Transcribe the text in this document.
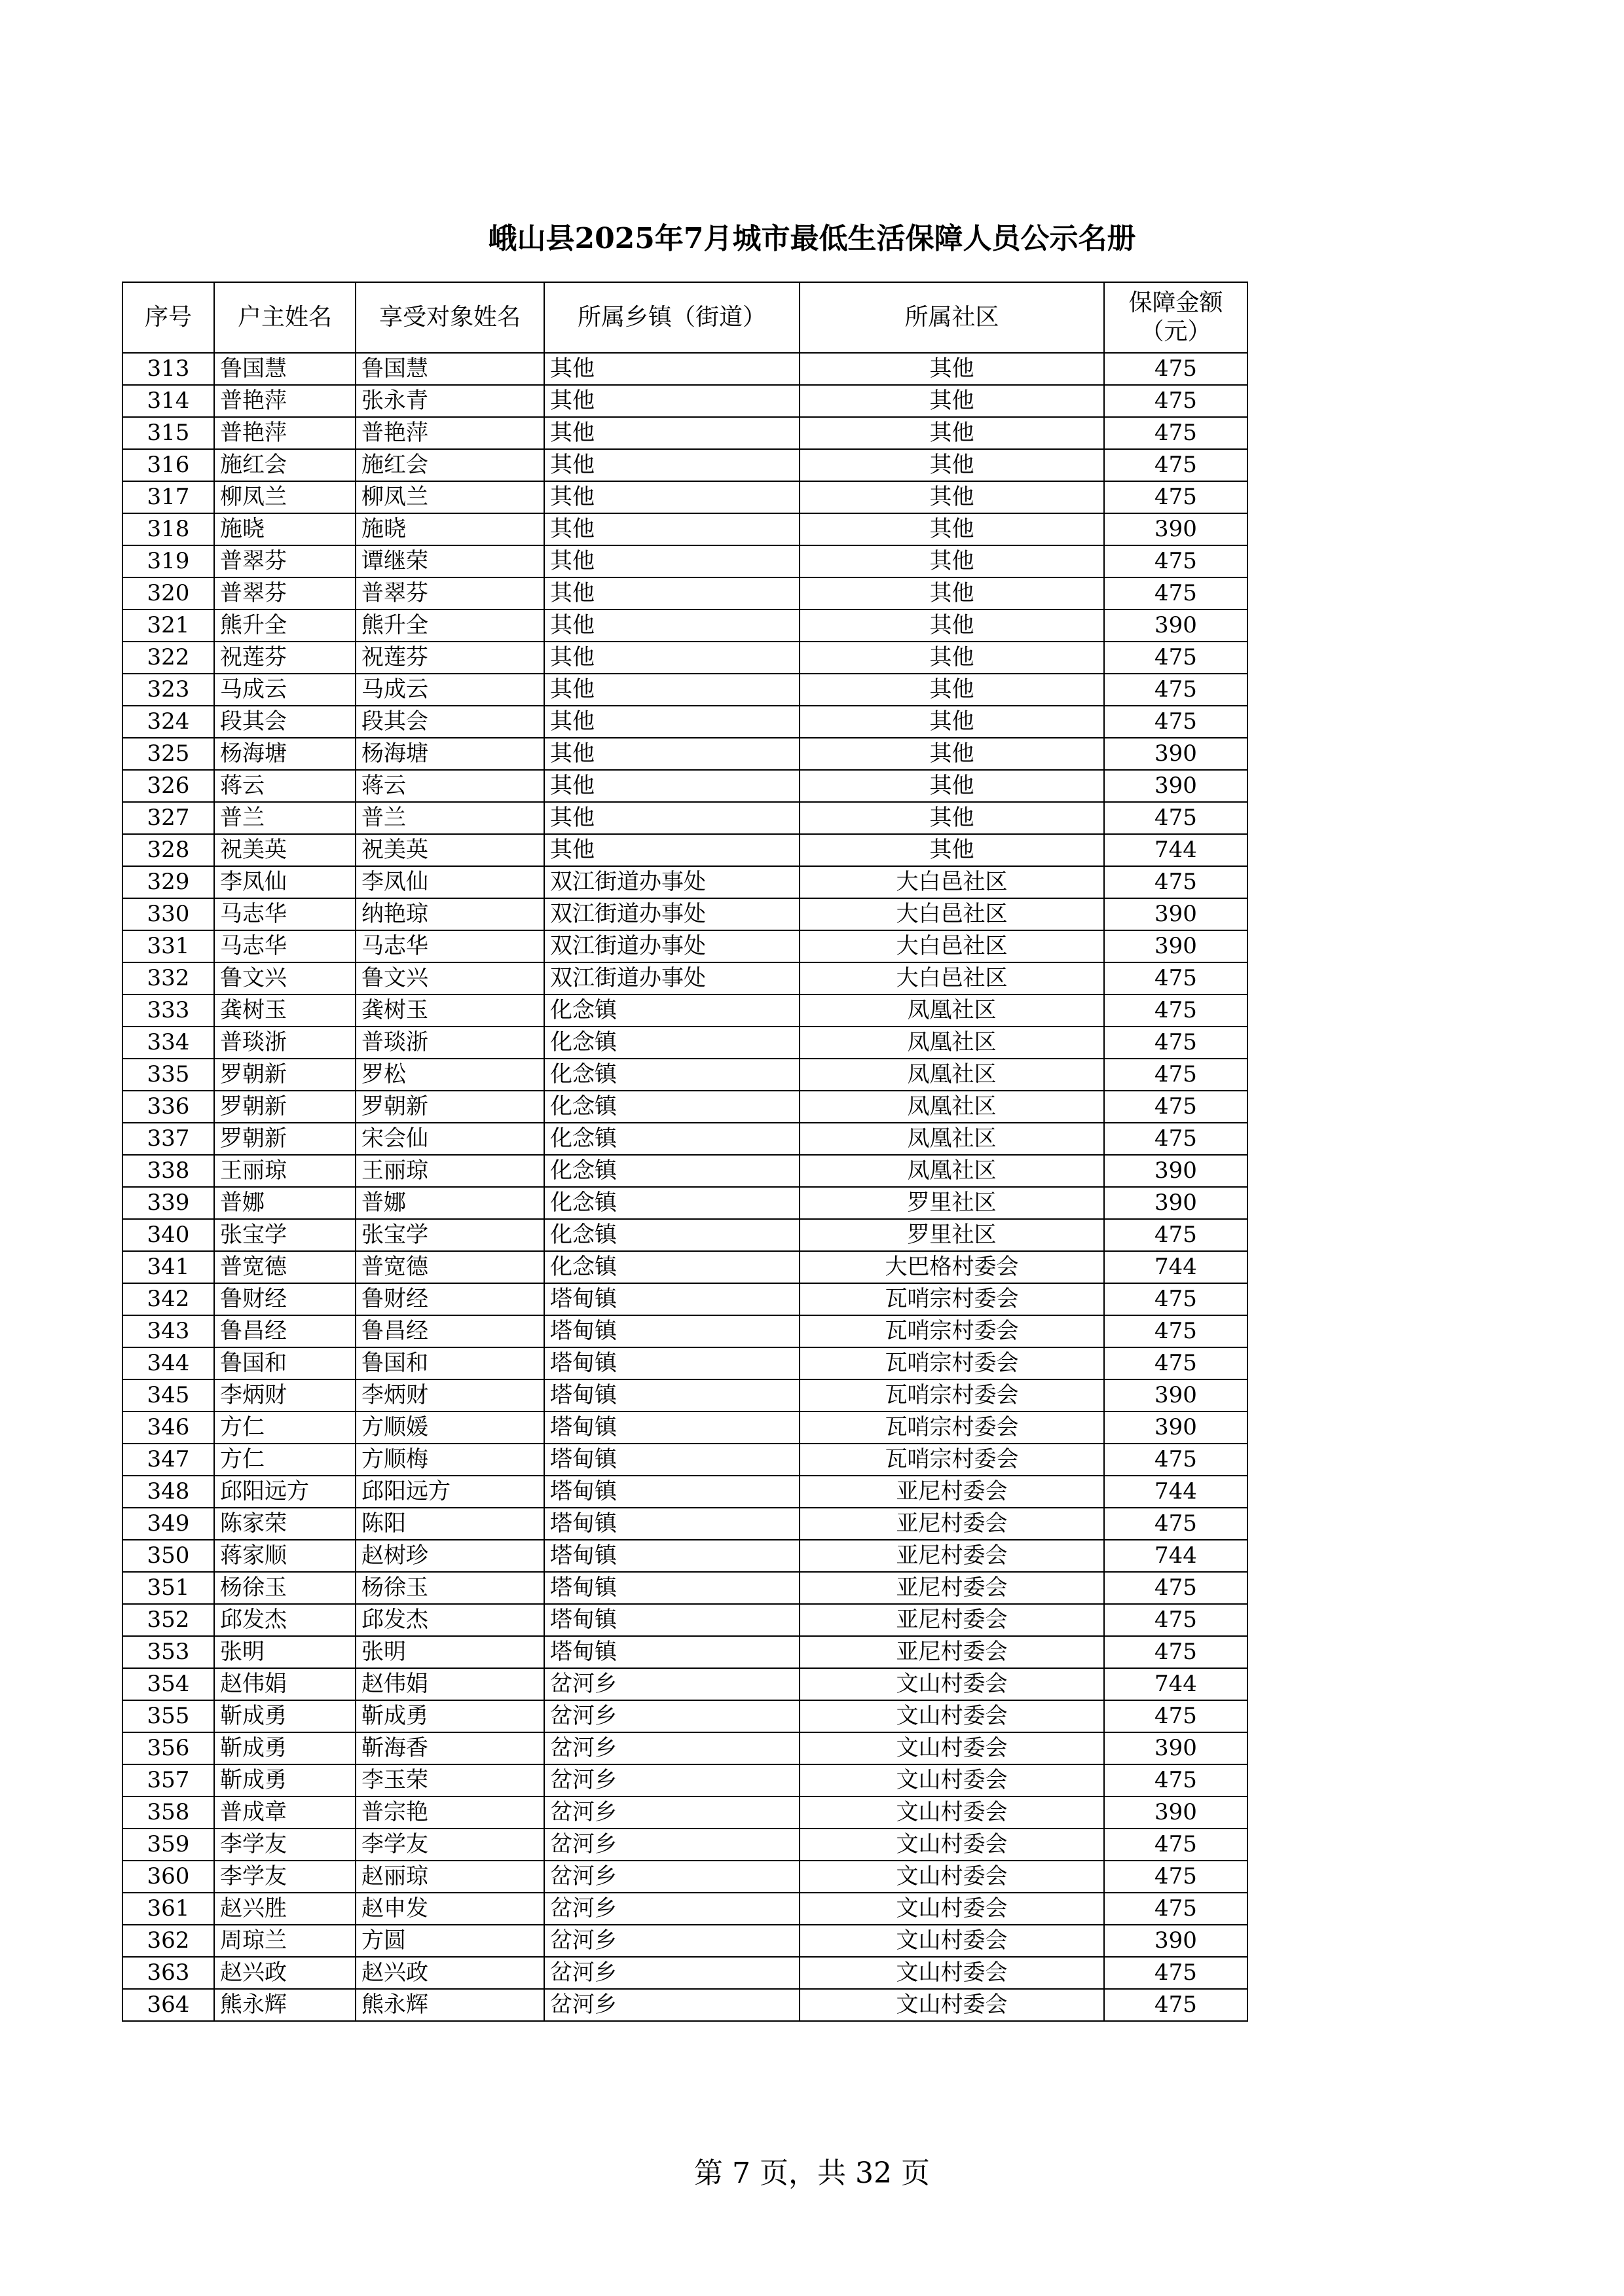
峨山县2025年7月城市最低生活保障人员公示名册
序号	户主姓名	享受对象姓名	所属乡镇（街道）	所属社区	保障金额
（元）
313	鲁国慧	鲁国慧	其他	其他	475
314	普艳萍	张永青	其他	其他	475
315	普艳萍	普艳萍	其他	其他	475
316	施红会	施红会	其他	其他	475
317	柳凤兰	柳凤兰	其他	其他	475
318	施晓	施晓	其他	其他	390
319	普翠芬	谭继荣	其他	其他	475
320	普翠芬	普翠芬	其他	其他	475
321	熊升全	熊升全	其他	其他	390
322	祝莲芬	祝莲芬	其他	其他	475
323	马成云	马成云	其他	其他	475
324	段其会	段其会	其他	其他	475
325	杨海塘	杨海塘	其他	其他	390
326	蒋云	蒋云	其他	其他	390
327	普兰	普兰	其他	其他	475
328	祝美英	祝美英	其他	其他	744
329	李凤仙	李凤仙	双江街道办事处	大白邑社区	475
330	马志华	纳艳琼	双江街道办事处	大白邑社区	390
331	马志华	马志华	双江街道办事处	大白邑社区	390
332	鲁文兴	鲁文兴	双江街道办事处	大白邑社区	475
333	龚树玉	龚树玉	化念镇	凤凰社区	475
334	普琰浙	普琰浙	化念镇	凤凰社区	475
335	罗朝新	罗松	化念镇	凤凰社区	475
336	罗朝新	罗朝新	化念镇	凤凰社区	475
337	罗朝新	宋会仙	化念镇	凤凰社区	475
338	王丽琼	王丽琼	化念镇	凤凰社区	390
339	普娜	普娜	化念镇	罗里社区	390
340	张宝学	张宝学	化念镇	罗里社区	475
341	普宽德	普宽德	化念镇	大巴格村委会	744
342	鲁财经	鲁财经	塔甸镇	瓦哨宗村委会	475
343	鲁昌经	鲁昌经	塔甸镇	瓦哨宗村委会	475
344	鲁国和	鲁国和	塔甸镇	瓦哨宗村委会	475
345	李炳财	李炳财	塔甸镇	瓦哨宗村委会	390
346	方仁	方顺媛	塔甸镇	瓦哨宗村委会	390
347	方仁	方顺梅	塔甸镇	瓦哨宗村委会	475
348	邱阳远方	邱阳远方	塔甸镇	亚尼村委会	744
349	陈家荣	陈阳	塔甸镇	亚尼村委会	475
350	蒋家顺	赵树珍	塔甸镇	亚尼村委会	744
351	杨徐玉	杨徐玉	塔甸镇	亚尼村委会	475
352	邱发杰	邱发杰	塔甸镇	亚尼村委会	475
353	张明	张明	塔甸镇	亚尼村委会	475
354	赵伟娟	赵伟娟	岔河乡	文山村委会	744
355	靳成勇	靳成勇	岔河乡	文山村委会	475
356	靳成勇	靳海香	岔河乡	文山村委会	390
357	靳成勇	李玉荣	岔河乡	文山村委会	475
358	普成章	普宗艳	岔河乡	文山村委会	390
359	李学友	李学友	岔河乡	文山村委会	475
360	李学友	赵丽琼	岔河乡	文山村委会	475
361	赵兴胜	赵申发	岔河乡	文山村委会	475
362	周琼兰	方圆	岔河乡	文山村委会	390
363	赵兴政	赵兴政	岔河乡	文山村委会	475
364	熊永辉	熊永辉	岔河乡	文山村委会	475
第 7 页，共 32 页
